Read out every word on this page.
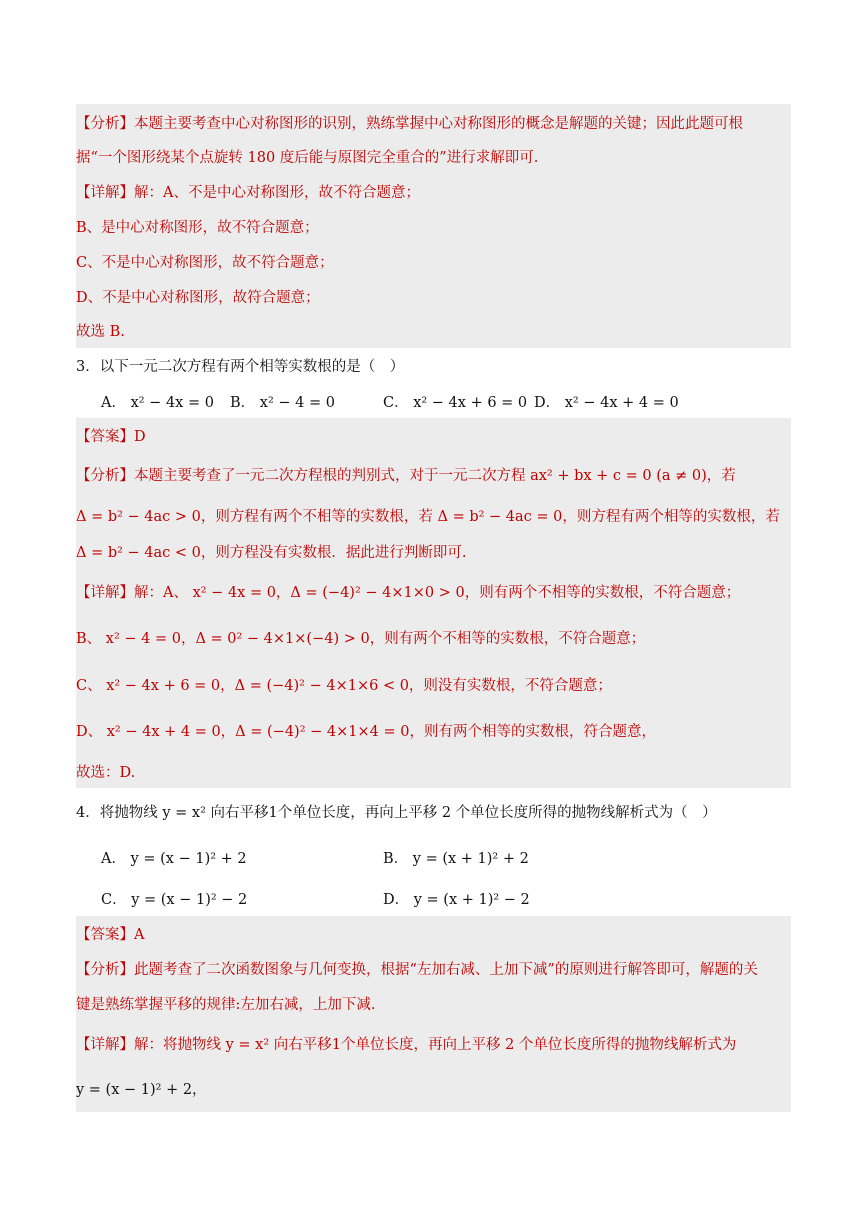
【分析】本题主要考查中心对称图形的识别，熟练掌握中心对称图形的概念是解题的关键；因此此题可根
据“一个图形绕某个点旋转 180 度后能与原图完全重合的”进行求解即可.
【详解】解：A、不是中心对称图形，故不符合题意；
B、是中心对称图形，故不符合题意；
C、不是中心对称图形，故不符合题意；
D、不是中心对称图形，故符合题意；
故选 B.
3．以下一元二次方程有两个相等实数根的是（　）
A． x² − 4x = 0 B． x² − 4 = 0	C． x² − 4x + 6 = 0 D． x² − 4x + 4 = 0
【答案】D
【分析】本题主要考查了一元二次方程根的判别式，对于一元二次方程 ax² + bx + c = 0 (a ≠ 0)，若
Δ = b² − 4ac > 0，则方程有两个不相等的实数根，若 Δ = b² − 4ac = 0，则方程有两个相等的实数根，若
Δ = b² − 4ac < 0，则方程没有实数根．据此进行判断即可.
【详解】解：A、 x² − 4x = 0，Δ = (−4)² − 4×1×0 > 0，则有两个不相等的实数根，不符合题意；
B、 x² − 4 = 0，Δ = 0² − 4×1×(−4) > 0，则有两个不相等的实数根，不符合题意；
C、 x² − 4x + 6 = 0，Δ = (−4)² − 4×1×6 < 0，则没有实数根，不符合题意；
D、 x² − 4x + 4 = 0，Δ = (−4)² − 4×1×4 = 0，则有两个相等的实数根，符合题意，
故选：D.
4．将抛物线 y = x² 向右平移1个单位长度，再向上平移 2 个单位长度所得的抛物线解析式为（　）
A． y = (x − 1)² + 2	B． y = (x + 1)² + 2
C． y = (x − 1)² − 2	D． y = (x + 1)² − 2
【答案】A
【分析】此题考查了二次函数图象与几何变换，根据“左加右减、上加下减”的原则进行解答即可，解题的关
键是熟练掌握平移的规律:左加右减，上加下减.
【详解】解：将抛物线 y = x² 向右平移1个单位长度，再向上平移 2 个单位长度所得的抛物线解析式为
y = (x − 1)² + 2，
